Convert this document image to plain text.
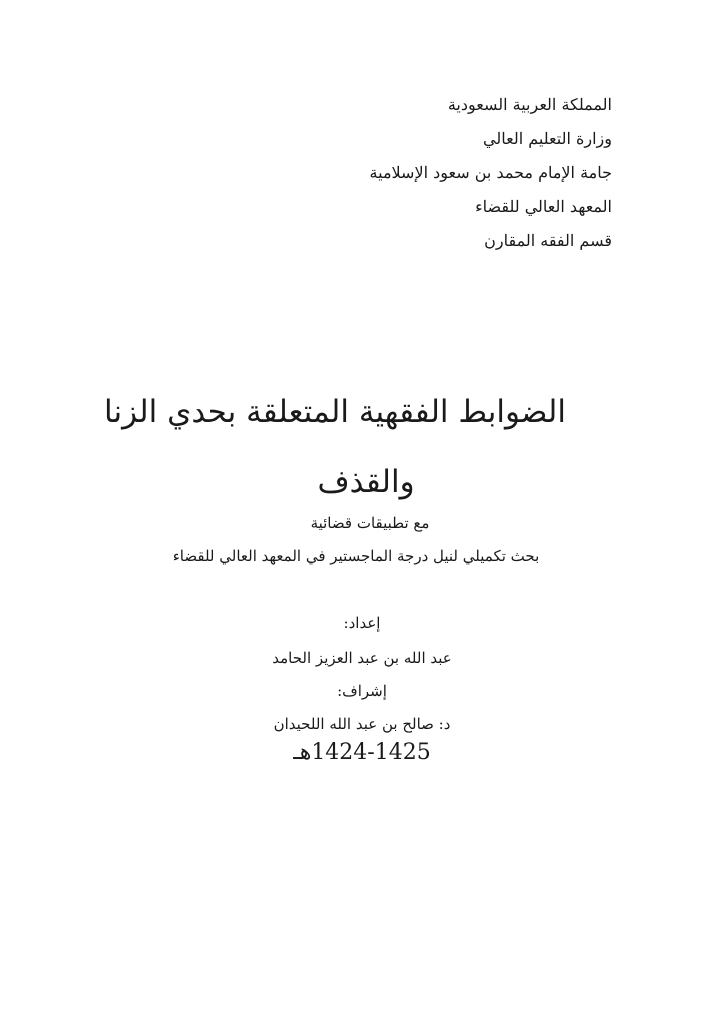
المملكة العربية السعودية
وزارة التعليم العالي
جامة الإمام محمد بن سعود الإسلامية
المعهد العالي للقضاء
قسم الفقه المقارن
الضوابط الفقهية المتعلقة بحدي الزنا
والقذف
مع تطبيقات قضائية
بحث تكميلي لنيل درجة الماجستير في المعهد العالي للقضاء
إعداد:
عبد الله بن عبد العزيز الحامد
إشراف:
د: صالح بن عبد الله اللحيدان
1424-1425هـ
